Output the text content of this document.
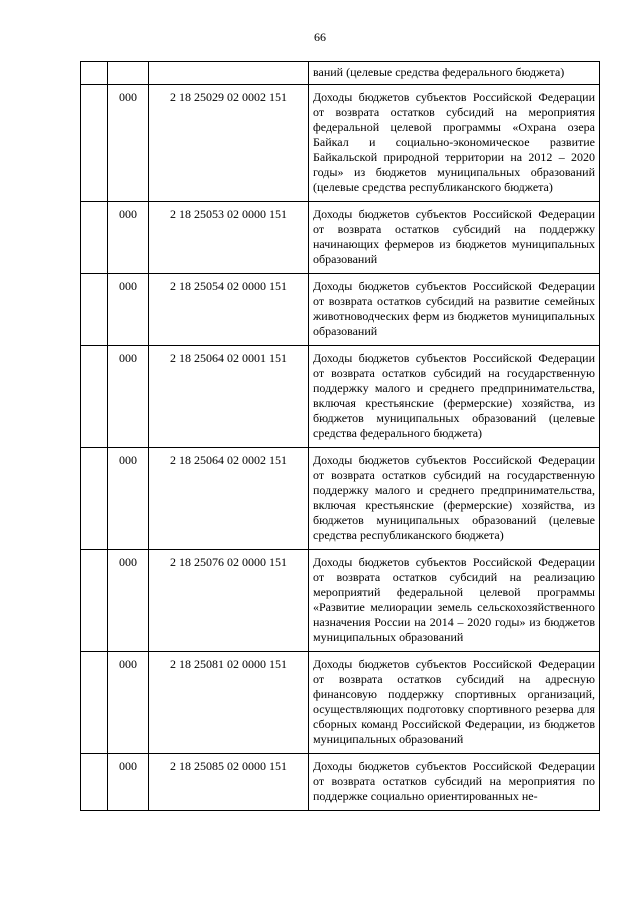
66
			ваний (целевые средства федерального бюджета)
	000	2 18 25029 02 0002 151	Доходы бюджетов субъектов Российской Федерации от возврата остатков субсидий на мероприятия федеральной целевой программы «Охрана озера Байкал и социально-экономическое развитие Байкальской природной территории на 2012 – 2020 годы» из бюджетов муниципальных образований (целевые средства республиканского бюджета)
	000	2 18 25053 02 0000 151	Доходы бюджетов субъектов Российской Федерации от возврата остатков субсидий на поддержку начинающих фермеров из бюджетов муниципальных образований
	000	2 18 25054 02 0000 151	Доходы бюджетов субъектов Российской Федерации от возврата остатков субсидий на развитие семейных животноводческих ферм из бюджетов муниципальных образований
	000	2 18 25064 02 0001 151	Доходы бюджетов субъектов Российской Федерации от возврата остатков субсидий на государственную поддержку малого и среднего предпринимательства, включая крестьянские (фермерские) хозяйства, из бюджетов муниципальных образований (целевые средства федерального бюджета)
	000	2 18 25064 02 0002 151	Доходы бюджетов субъектов Российской Федерации от возврата остатков субсидий на государственную поддержку малого и среднего предпринимательства, включая крестьянские (фермерские) хозяйства, из бюджетов муниципальных образований (целевые средства республиканского бюджета)
	000	2 18 25076 02 0000 151	Доходы бюджетов субъектов Российской Федерации от возврата остатков субсидий на реализацию мероприятий федеральной целевой программы «Развитие мелиорации земель сельскохозяйственного назначения России на 2014 – 2020 годы» из бюджетов муниципальных образований
	000	2 18 25081 02 0000 151	Доходы бюджетов субъектов Российской Федерации от возврата остатков субсидий на адресную финансовую поддержку спортивных организаций, осуществляющих подготовку спортивного резерва для сборных команд Российской Федерации, из бюджетов муниципальных образований
	000	2 18 25085 02 0000 151	Доходы бюджетов субъектов Российской Федерации от возврата остатков субсидий на мероприятия по поддержке социально ориентированных не-
